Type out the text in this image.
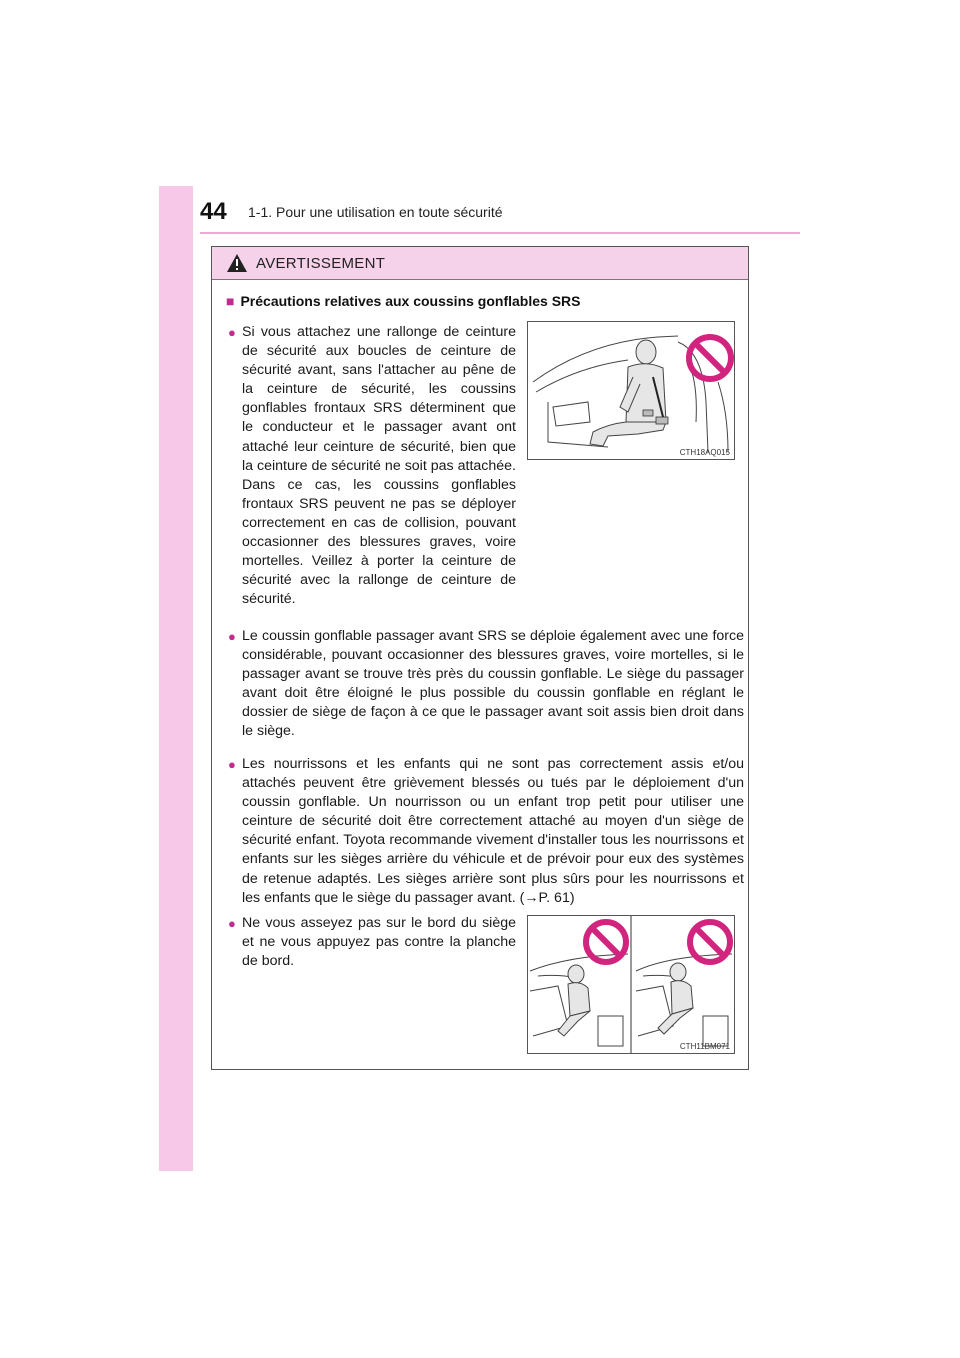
44 1-1. Pour une utilisation en toute sécurité
AVERTISSEMENT
■ Précautions relatives aux coussins gonflables SRS
● Si vous attachez une rallonge de ceinture de sécurité aux boucles de ceinture de sécurité avant, sans l'attacher au pêne de la ceinture de sécurité, les coussins gonflables frontaux SRS déterminent que le conducteur et le passager avant ont attaché leur ceinture de sécurité, bien que la ceinture de sécurité ne soit pas attachée. Dans ce cas, les coussins gonflables frontaux SRS peuvent ne pas se déployer correctement en cas de collision, pouvant occasionner des blessures graves, voire mortelles. Veillez à porter la ceinture de sécurité avec la rallonge de ceinture de sécurité.
CTH18AQ015
● Le coussin gonflable passager avant SRS se déploie également avec une force considérable, pouvant occasionner des blessures graves, voire mortelles, si le passager avant se trouve très près du coussin gonflable. Le siège du passager avant doit être éloigné le plus possible du coussin gonflable en réglant le dossier de siège de façon à ce que le passager avant soit assis bien droit dans le siège.
● Les nourrissons et les enfants qui ne sont pas correctement assis et/ou attachés peuvent être grièvement blessés ou tués par le déploiement d'un coussin gonflable. Un nourrisson ou un enfant trop petit pour utiliser une ceinture de sécurité doit être correctement attaché au moyen d'un siège de sécurité enfant. Toyota recommande vivement d'installer tous les nourrissons et enfants sur les sièges arrière du véhicule et de prévoir pour eux des systèmes de retenue adaptés. Les sièges arrière sont plus sûrs pour les nourrissons et les enfants que le siège du passager avant. (→P. 61)
● Ne vous asseyez pas sur le bord du siège et ne vous appuyez pas contre la planche de bord.
CTH11BM071
